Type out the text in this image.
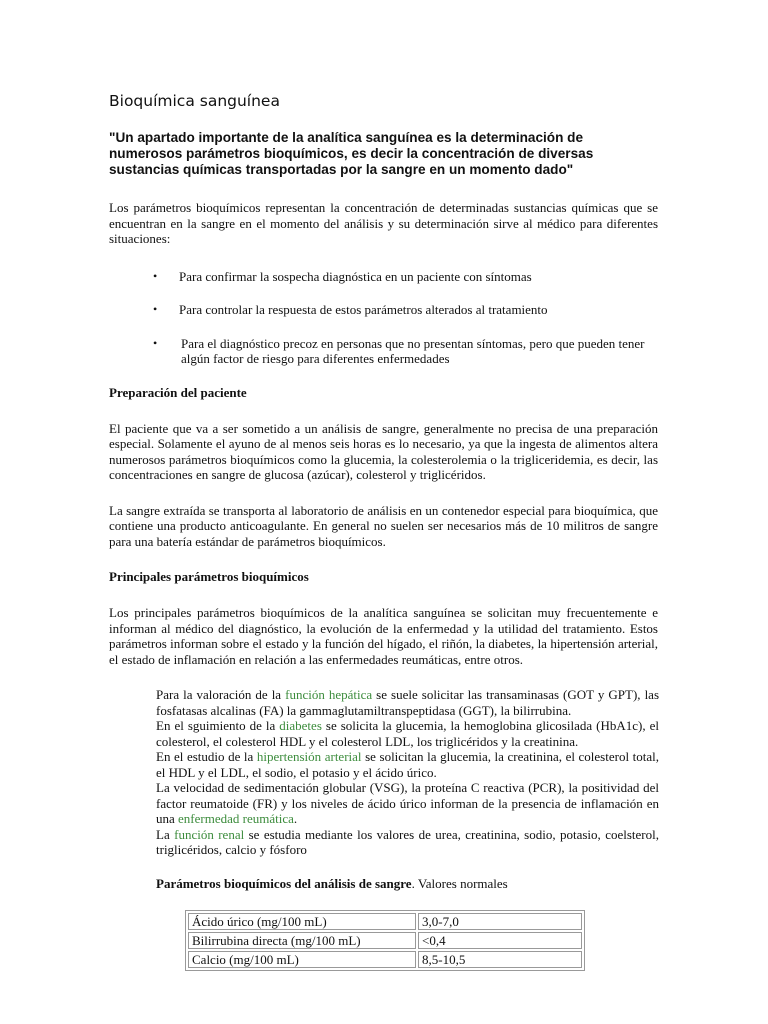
Bioquímica sanguínea
"Un apartado importante de la analítica sanguínea es la determinación de numerosos parámetros bioquímicos, es decir la concentración de diversas sustancias químicas transportadas por la sangre en un momento dado"

Los parámetros bioquímicos representan la concentración de determinadas sustancias químicas que se encuentran en la sangre en el momento del análisis y su determinación sirve al médico para diferentes situaciones:

• Para confirmar la sospecha diagnóstica en un paciente con síntomas
• Para controlar la respuesta de estos parámetros alterados al tratamiento
• Para el diagnóstico precoz en personas que no presentan síntomas, pero que pueden tener algún factor de riesgo para diferentes enfermedades
Preparación del paciente

El paciente que va a ser sometido a un análisis de sangre, generalmente no precisa de una preparación especial. Solamente el ayuno de al menos seis horas es lo necesario, ya que la ingesta de alimentos altera numerosos parámetros bioquímicos como la glucemia, la colesterolemia o la trigliceridemia, es decir, las concentraciones en sangre de glucosa (azúcar), colesterol y triglicéridos.

La sangre extraída se transporta al laboratorio de análisis en un contenedor especial para bioquímica, que contiene una producto anticoagulante. En general no suelen ser necesarios más de 10 militros de sangre para una batería estándar de parámetros bioquímicos.

Principales parámetros bioquímicos

Los principales parámetros bioquímicos de la analítica sanguínea se solicitan muy frecuentemente e informan al médico del diagnóstico, la evolución de la enfermedad y la utilidad del tratamiento. Estos parámetros informan sobre el estado y la función del hígado, el riñón, la diabetes, la hipertensión arterial, el estado de inflamación en relación a las enfermedades reumáticas, entre otros.

Para la valoración de la función hepática se suele solicitar las transaminasas (GOT y GPT), las fosfatasas alcalinas (FA) la gammaglutamiltranspeptidasa (GGT), la bilirrubina.

En el sguimiento de la diabetes se solicita la glucemia, la hemoglobina glicosilada (HbA1c), el colesterol, el colesterol HDL y el colesterol LDL, los triglicéridos y la creatinina.

En el estudio de la hipertensión arterial se solicitan la glucemia, la creatinina, el colesterol total, el HDL y el LDL, el sodio, el potasio y el ácido úrico.

La velocidad de sedimentación globular (VSG), la proteína C reactiva (PCR), la positividad del factor reumatoide (FR) y los niveles de ácido úrico informan de la presencia de inflamación en una enfermedad reumática.

La función renal se estudia mediante los valores de urea, creatinina, sodio, potasio, coelsterol, triglicéridos, calcio y fósforo

Parámetros bioquímicos del análisis de sangre. Valores normales
Ácido úrico (mg/100 mL)	3,0-7,0
Bilirrubina directa (mg/100 mL)	<0,4
Calcio (mg/100 mL)	8,5-10,5
